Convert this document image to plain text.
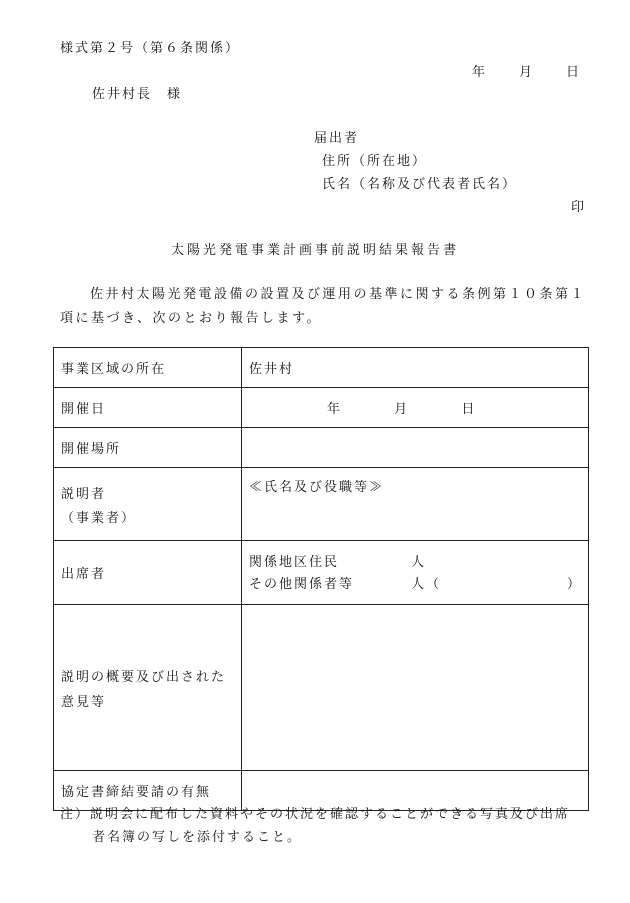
様式第２号（第６条関係）
年 月 日
佐井村長　様
届出者
住所（所在地）
氏名（名称及び代表者氏名）
印
太陽光発電事業計画事前説明結果報告書
佐井村太陽光発電設備の設置及び運用の基準に関する条例第１０条第１項に基づき、次のとおり報告します。
事業区域の所在	佐井村
開催日	年 月 日
開催場所	

説明者
（事業者）	≪氏名及び役職等≫
出席者	関係地区住民 人
その他関係者等 人（ ）

説明の概要及び出された
意見等	

協定書締結要請の有無	
注）説明会に配布した資料やその状況を確認することができる写真及び出席
者名簿の写しを添付すること。
